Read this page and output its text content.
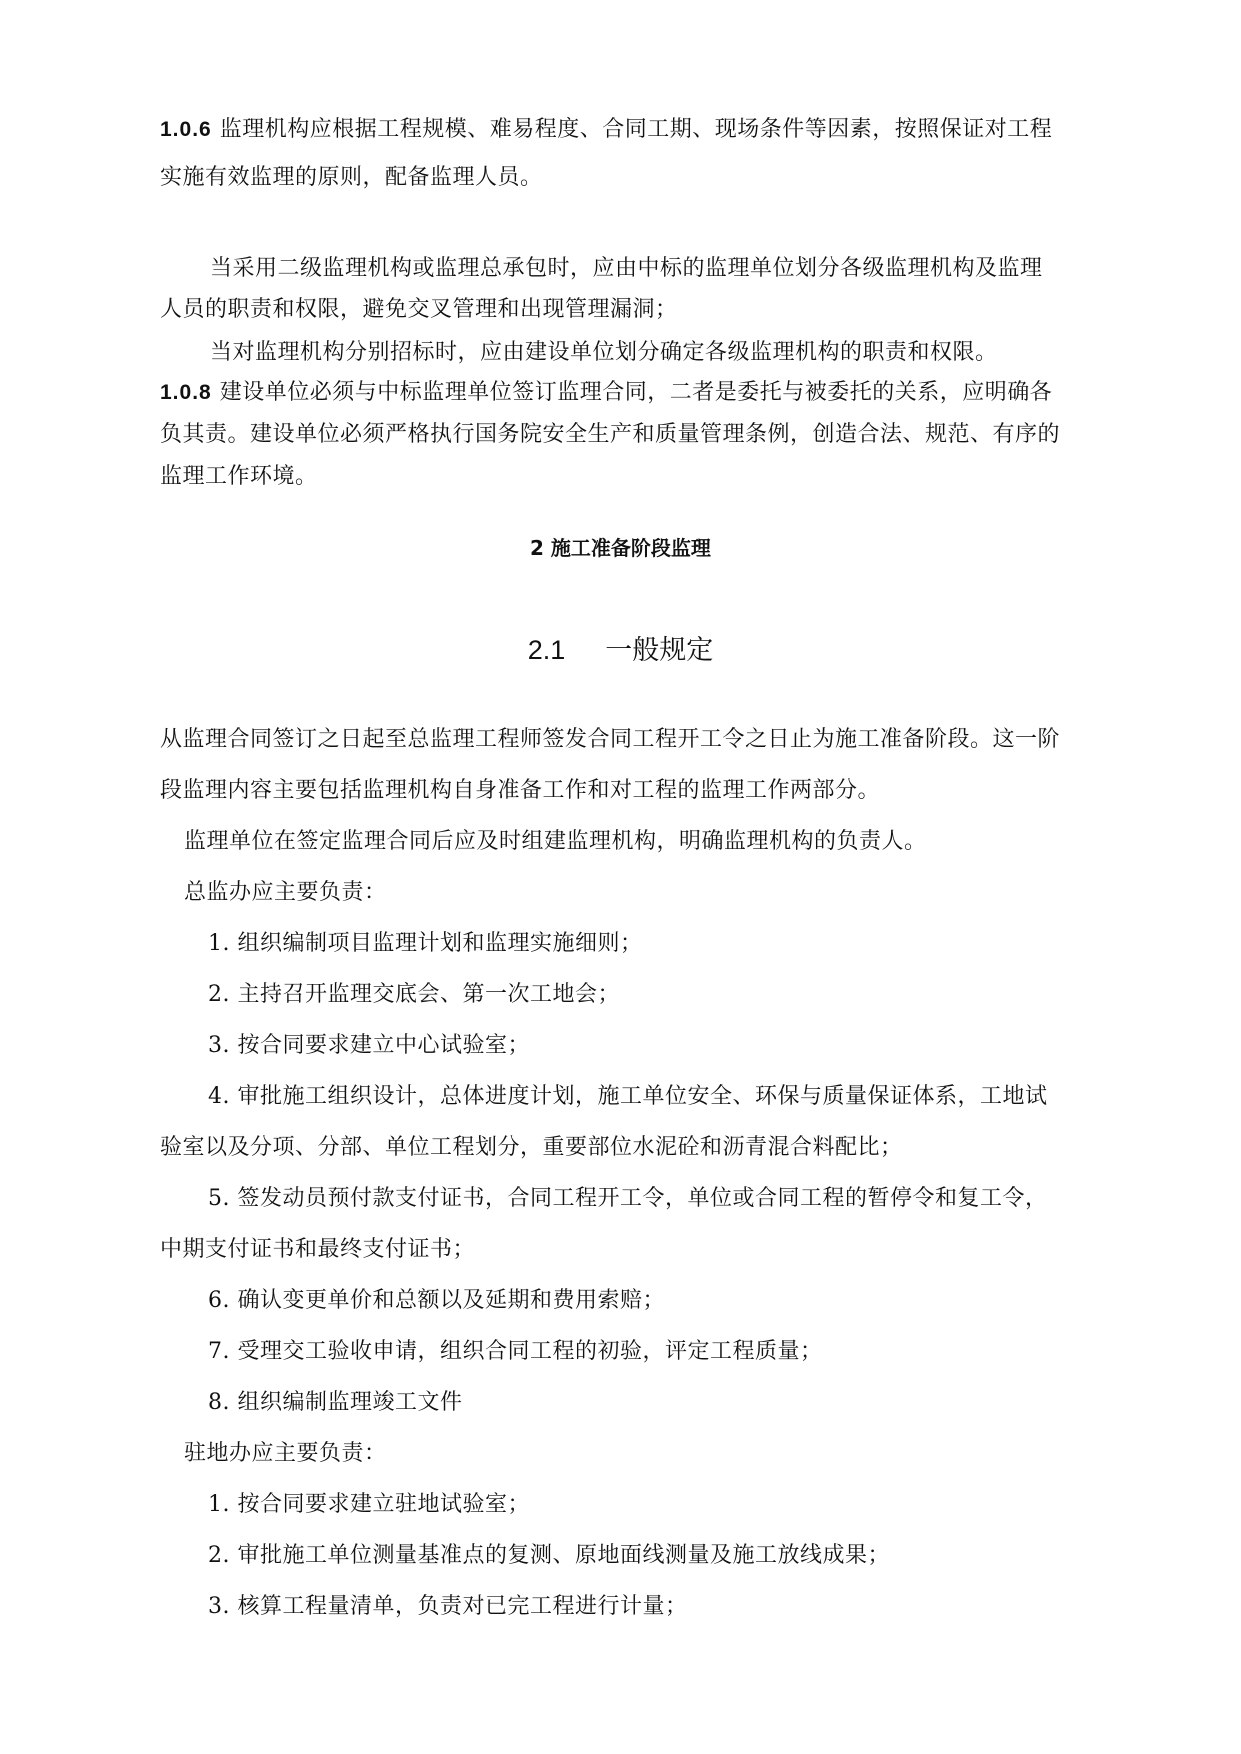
1.0.6 监理机构应根据工程规模、难易程度、合同工期、现场条件等因素，按照保证对工程
实施有效监理的原则，配备监理人员。
当采用二级监理机构或监理总承包时，应由中标的监理单位划分各级监理机构及监理
人员的职责和权限，避免交叉管理和出现管理漏洞；
当对监理机构分别招标时，应由建设单位划分确定各级监理机构的职责和权限。
1.0.8 建设单位必须与中标监理单位签订监理合同，二者是委托与被委托的关系，应明确各
负其责。建设单位必须严格执行国务院安全生产和质量管理条例，创造合法、规范、有序的
监理工作环境。
2 施工准备阶段监理
2.1 一般规定
从监理合同签订之日起至总监理工程师签发合同工程开工令之日止为施工准备阶段。这一阶
段监理内容主要包括监理机构自身准备工作和对工程的监理工作两部分。
监理单位在签定监理合同后应及时组建监理机构，明确监理机构的负责人。
总监办应主要负责：
1. 组织编制项目监理计划和监理实施细则；
2. 主持召开监理交底会、第一次工地会；
3. 按合同要求建立中心试验室；
4. 审批施工组织设计，总体进度计划，施工单位安全、环保与质量保证体系，工地试
验室以及分项、分部、单位工程划分，重要部位水泥砼和沥青混合料配比；
5. 签发动员预付款支付证书，合同工程开工令，单位或合同工程的暂停令和复工令，
中期支付证书和最终支付证书；
6. 确认变更单价和总额以及延期和费用索赔；
7. 受理交工验收申请，组织合同工程的初验，评定工程质量；
8. 组织编制监理竣工文件
驻地办应主要负责：
1. 按合同要求建立驻地试验室；
2. 审批施工单位测量基准点的复测、原地面线测量及施工放线成果；
3. 核算工程量清单，负责对已完工程进行计量；
